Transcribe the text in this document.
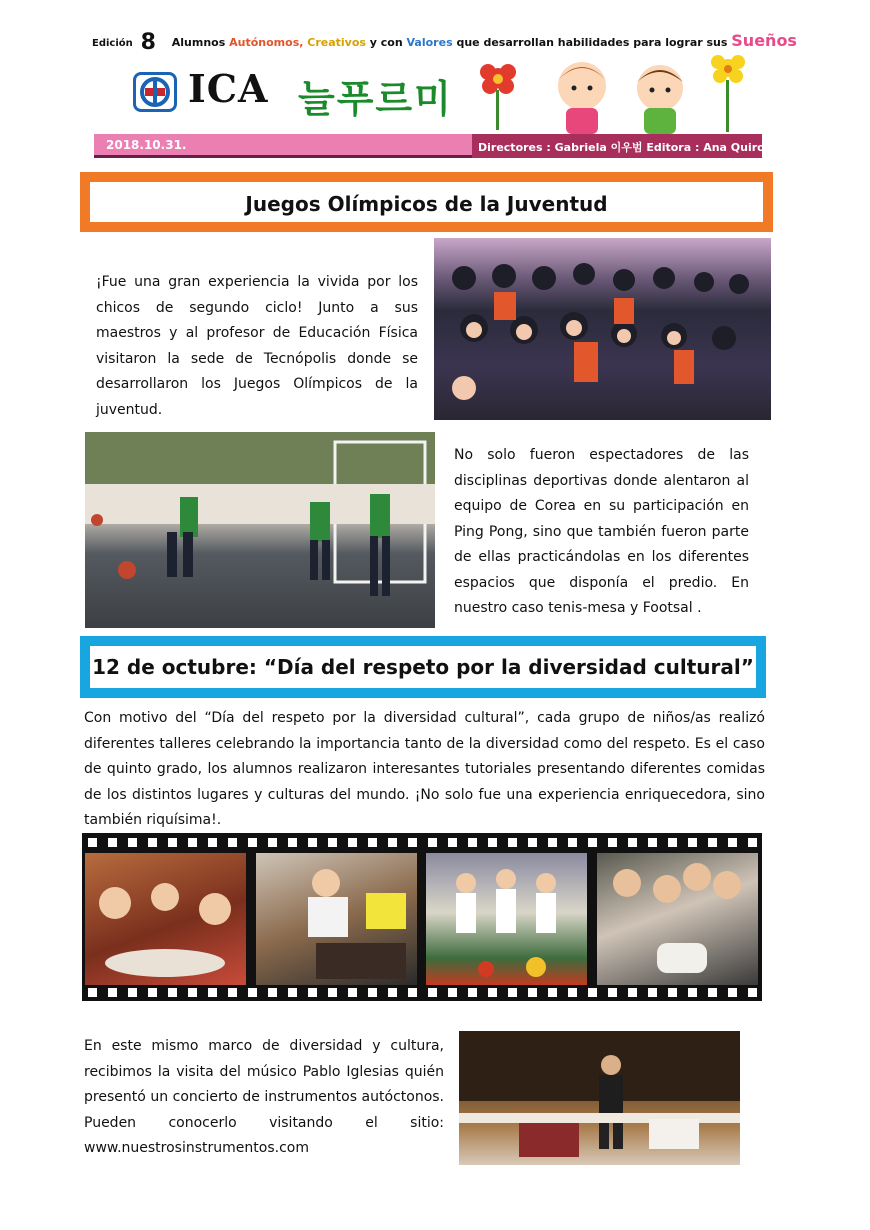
Edición 8 Alumnos Autónomos, Creativos y con Valores que desarrollan habilidades para lograr sus Sueños
ICA 늘푸르미
2018.10.31.	Directores : Gabriela 이우범 Editora : Ana Quiros
Juegos Olímpicos de la Juventud
¡Fue una gran experiencia la vivida por los chicos de segundo ciclo! Junto a sus maestros y al profesor de Educación Física visitaron la sede de Tecnópolis donde se desarrollaron los Juegos Olímpicos de la juventud.
No solo fueron espectadores de las disciplinas deportivas donde alentaron al equipo de Corea en su participación en Ping Pong, sino que también fueron parte de ellas practicándolas en los diferentes espacios que disponía el predio. En nuestro caso tenis-mesa y Footsal .
12 de octubre: “Día del respeto por la diversidad cultural”
Con motivo del “Día del respeto por la diversidad cultural”, cada grupo de niños/as realizó diferentes talleres celebrando la importancia tanto de la diversidad como del respeto. Es el caso de quinto grado, los alumnos realizaron interesantes tutoriales presentando diferentes comidas de los distintos lugares y culturas del mundo. ¡No solo fue una experiencia enriquecedora, sino también riquísima!.
En este mismo marco de diversidad y cultura, recibimos la visita del músico Pablo Iglesias quién presentó un concierto de instrumentos autóctonos. Pueden conocerlo visitando el sitio: www.nuestrosinstrumentos.com
